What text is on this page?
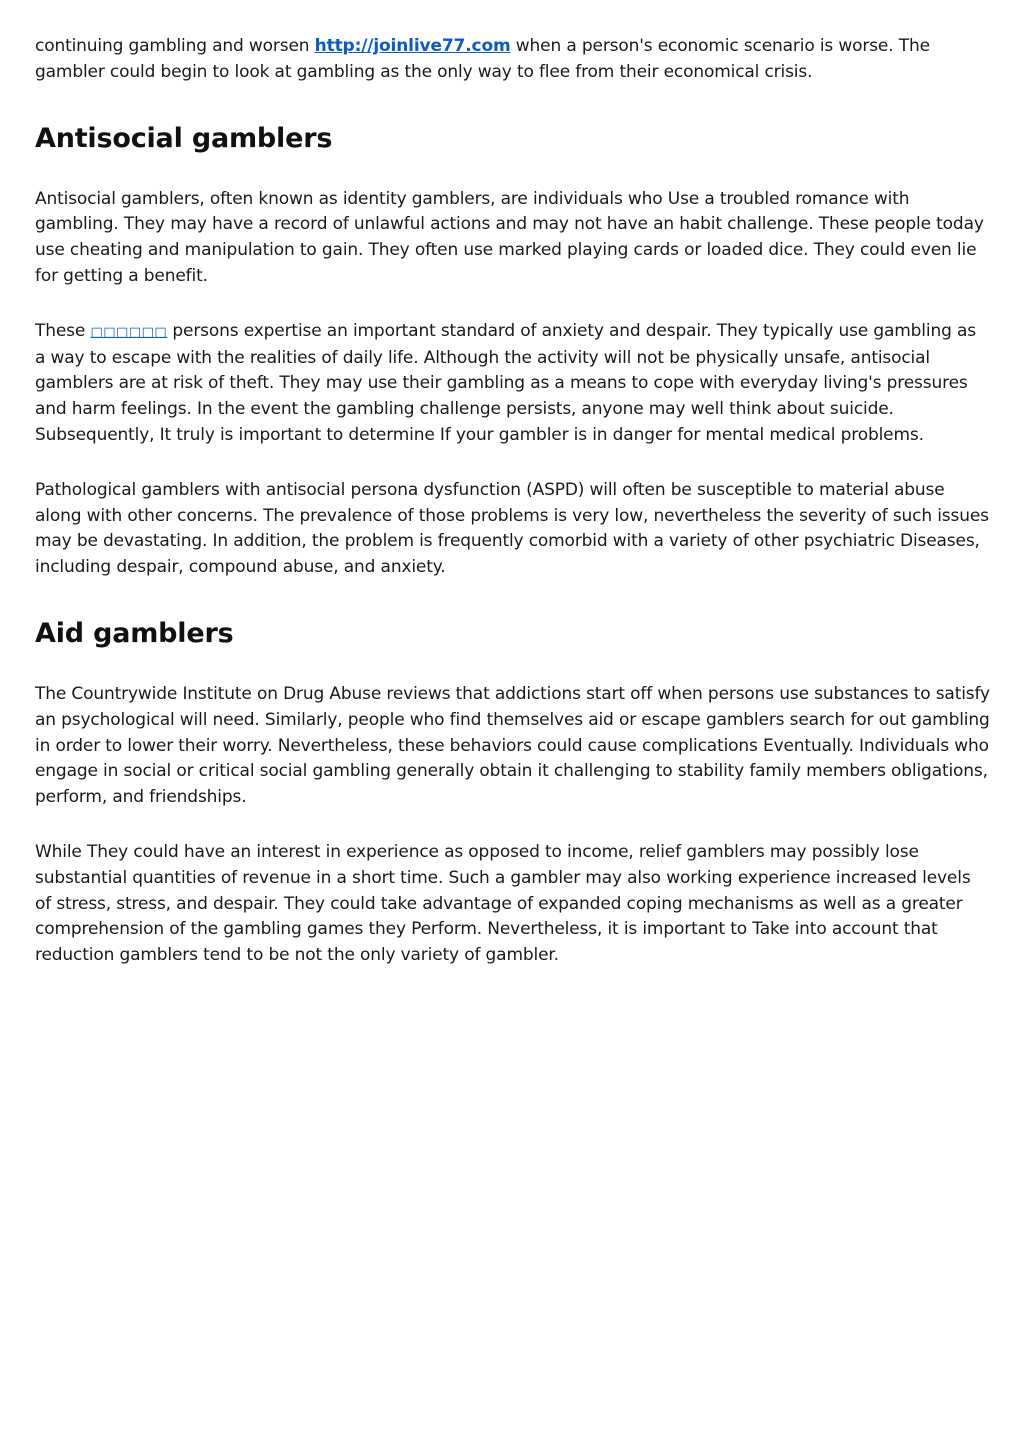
continuing gambling and worsen http://joinlive77.com when a person's economic scenario is worse. The gambler could begin to look at gambling as the only way to flee from their economical crisis.

Antisocial gamblers

Antisocial gamblers, often known as identity gamblers, are individuals who Use a troubled romance with gambling. They may have a record of unlawful actions and may not have an habit challenge. These people today use cheating and manipulation to gain. They often use marked playing cards or loaded dice. They could even lie for getting a benefit.

These □□□□□□ persons expertise an important standard of anxiety and despair. They typically use gambling as a way to escape with the realities of daily life. Although the activity will not be physically unsafe, antisocial gamblers are at risk of theft. They may use their gambling as a means to cope with everyday living's pressures and harm feelings. In the event the gambling challenge persists, anyone may well think about suicide. Subsequently, It truly is important to determine If your gambler is in danger for mental medical problems.

Pathological gamblers with antisocial persona dysfunction (ASPD) will often be susceptible to material abuse along with other concerns. The prevalence of those problems is very low, nevertheless the severity of such issues may be devastating. In addition, the problem is frequently comorbid with a variety of other psychiatric Diseases, including despair, compound abuse, and anxiety.

Aid gamblers

The Countrywide Institute on Drug Abuse reviews that addictions start off when persons use substances to satisfy an psychological will need. Similarly, people who find themselves aid or escape gamblers search for out gambling in order to lower their worry. Nevertheless, these behaviors could cause complications Eventually. Individuals who engage in social or critical social gambling generally obtain it challenging to stability family members obligations, perform, and friendships.

While They could have an interest in experience as opposed to income, relief gamblers may possibly lose substantial quantities of revenue in a short time. Such a gambler may also working experience increased levels of stress, stress, and despair. They could take advantage of expanded coping mechanisms as well as a greater comprehension of the gambling games they Perform. Nevertheless, it is important to Take into account that reduction gamblers tend to be not the only variety of gambler.
